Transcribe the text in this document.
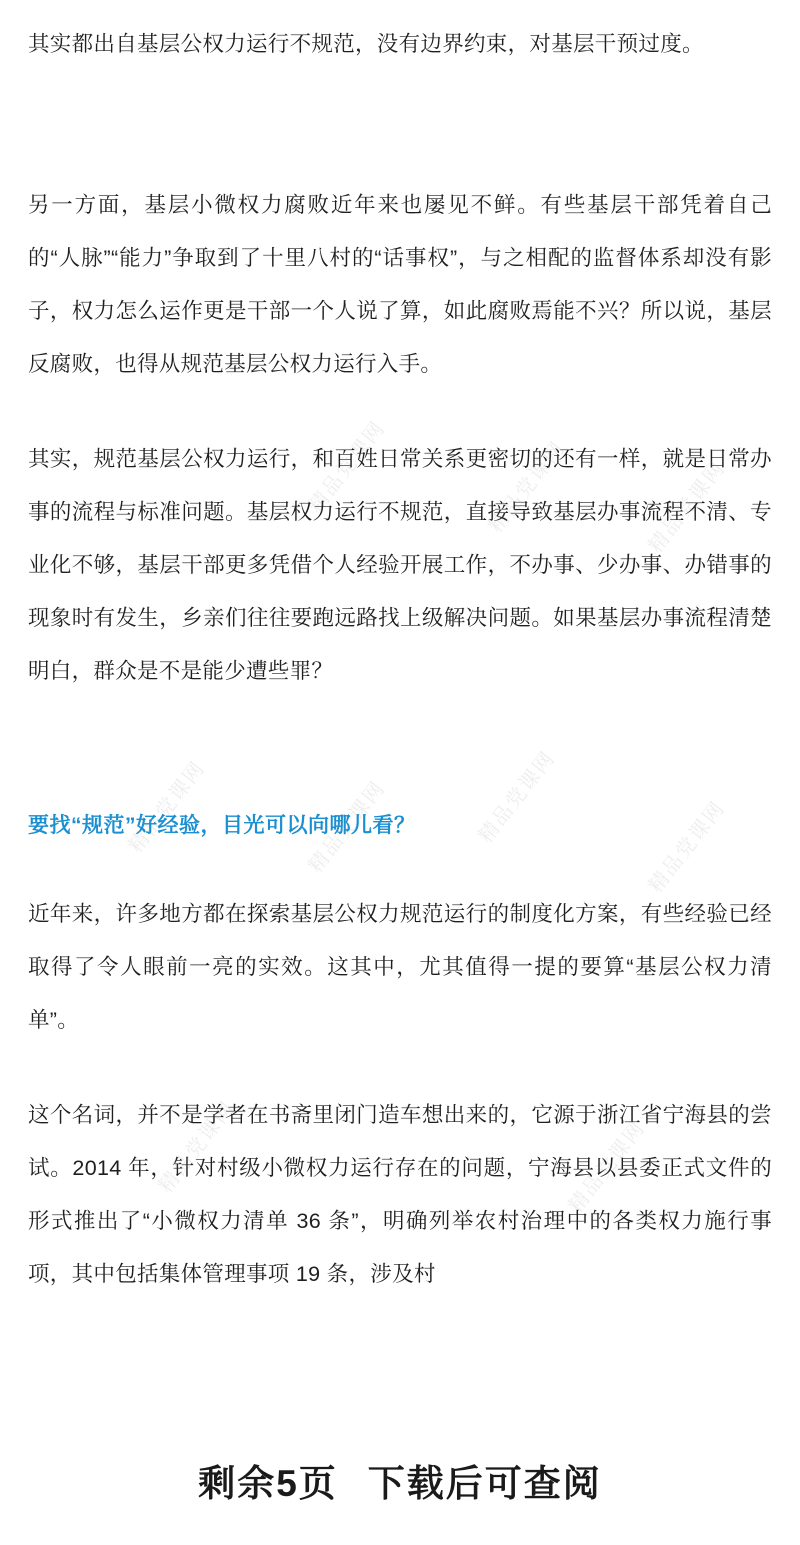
精品党课网	精品党课网	精品党课网
精品党课网	精品党课网	精品党课网	精品党课网
精品党课网	精品党课网

其实都出自基层公权力运行不规范，没有边界约束，对基层干预过度。

另一方面，基层小微权力腐败近年来也屡见不鲜。有些基层干部凭着自己的“人脉”“能力”争取到了十里八村的“话事权”，与之相配的监督体系却没有影子，权力怎么运作更是干部一个人说了算，如此腐败焉能不兴？所以说，基层反腐败，也得从规范基层公权力运行入手。

其实，规范基层公权力运行，和百姓日常关系更密切的还有一样，就是日常办事的流程与标准问题。基层权力运行不规范，直接导致基层办事流程不清、专业化不够，基层干部更多凭借个人经验开展工作，不办事、少办事、办错事的现象时有发生，乡亲们往往要跑远路找上级解决问题。如果基层办事流程清楚明白，群众是不是能少遭些罪？

要找“规范”好经验，目光可以向哪儿看？

近年来，许多地方都在探索基层公权力规范运行的制度化方案，有些经验已经取得了令人眼前一亮的实效。这其中，尤其值得一提的要算“基层公权力清单”。

这个名词，并不是学者在书斋里闭门造车想出来的，它源于浙江省宁海县的尝试。2014 年，针对村级小微权力运行存在的问题，宁海县以县委正式文件的形式推出了“小微权力清单 36 条”，明确列举农村治理中的各类权力施行事项，其中包括集体管理事项 19 条，涉及村

剩余5页 下载后可查阅
